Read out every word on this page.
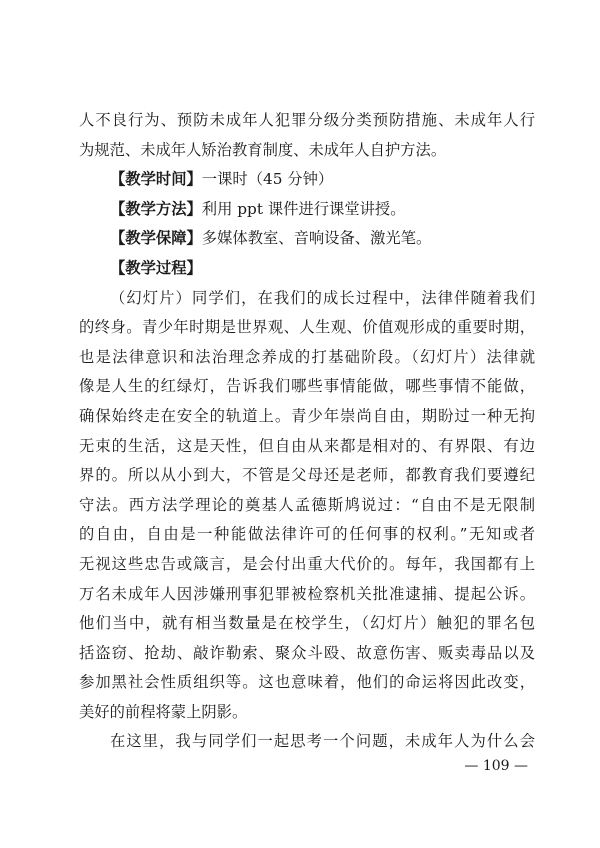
人不良行为、预防未成年人犯罪分级分类预防措施、未成年人行
为规范、未成年人矫治教育制度、未成年人自护方法。
【教学时间】一课时（45 分钟）
【教学方法】利用 ppt 课件进行课堂讲授。
【教学保障】多媒体教室、音响设备、激光笔。
【教学过程】
（幻灯片）同学们，在我们的成长过程中，法律伴随着我们
的终身。青少年时期是世界观、人生观、价值观形成的重要时期，
也是法律意识和法治理念养成的打基础阶段。（幻灯片）法律就
像是人生的红绿灯，告诉我们哪些事情能做，哪些事情不能做，
确保始终走在安全的轨道上。青少年崇尚自由，期盼过一种无拘
无束的生活，这是天性，但自由从来都是相对的、有界限、有边
界的。所以从小到大，不管是父母还是老师，都教育我们要遵纪
守法。西方法学理论的奠基人孟德斯鸠说过：“自由不是无限制
的自由，自由是一种能做法律许可的任何事的权利。”无知或者
无视这些忠告或箴言，是会付出重大代价的。每年，我国都有上
万名未成年人因涉嫌刑事犯罪被检察机关批准逮捕、提起公诉。
他们当中，就有相当数量是在校学生，（幻灯片）触犯的罪名包
括盗窃、抢劫、敲诈勒索、聚众斗殴、故意伤害、贩卖毒品以及
参加黑社会性质组织等。这也意味着，他们的命运将因此改变，
美好的前程将蒙上阴影。
在这里，我与同学们一起思考一个问题，未成年人为什么会
— 109 —
